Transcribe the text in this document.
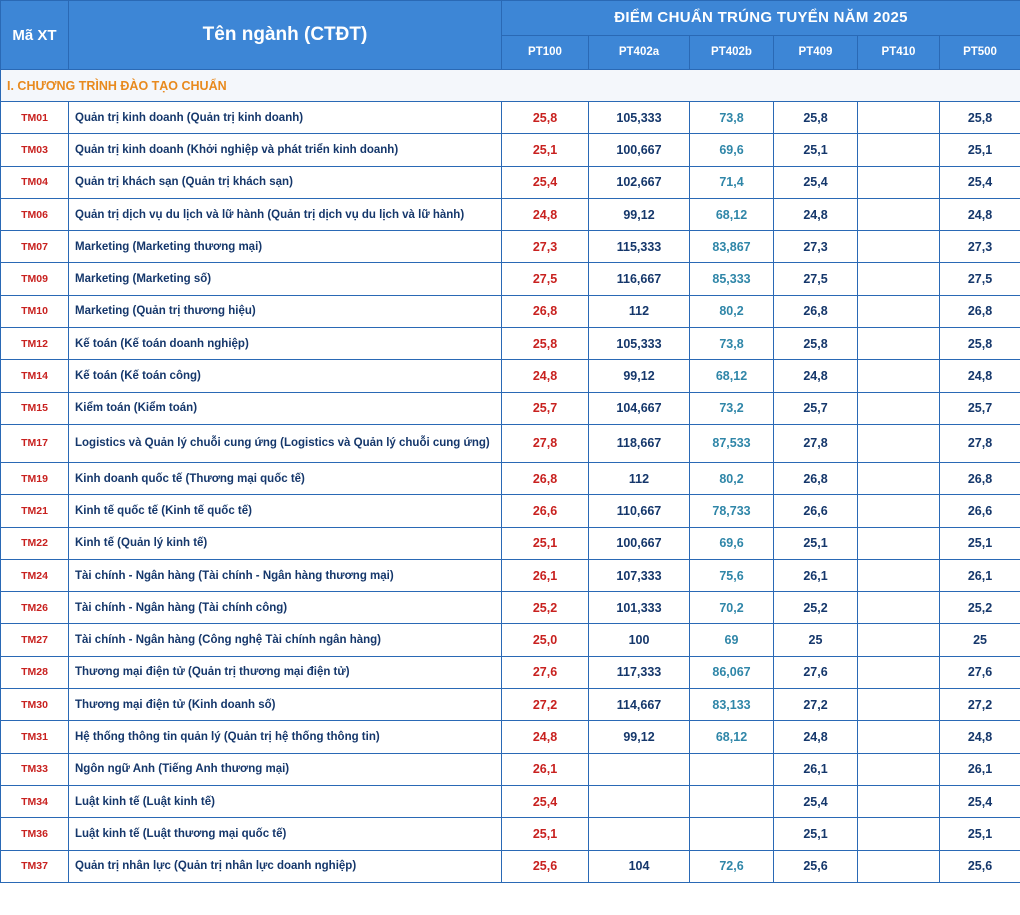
Mã XT	Tên ngành (CTĐT)	ĐIỂM CHUẨN TRÚNG TUYỂN NĂM 2025					
		PT100	PT402a	PT402b	PT409	PT410	PT500
I. CHƯƠNG TRÌNH ĐÀO TẠO CHUẨN							
TM01	Quản trị kinh doanh (Quản trị kinh doanh)	25,8	105,333	73,8	25,8		25,8
TM03	Quản trị kinh doanh (Khởi nghiệp và phát triển kinh doanh)	25,1	100,667	69,6	25,1		25,1
TM04	Quản trị khách sạn (Quản trị khách sạn)	25,4	102,667	71,4	25,4		25,4
TM06	Quản trị dịch vụ du lịch và lữ hành (Quản trị dịch vụ du lịch và lữ hành)	24,8	99,12	68,12	24,8		24,8
TM07	Marketing (Marketing thương mại)	27,3	115,333	83,867	27,3		27,3
TM09	Marketing (Marketing số)	27,5	116,667	85,333	27,5		27,5
TM10	Marketing (Quản trị thương hiệu)	26,8	112	80,2	26,8		26,8
TM12	Kế toán (Kế toán doanh nghiệp)	25,8	105,333	73,8	25,8		25,8
TM14	Kế toán (Kế toán công)	24,8	99,12	68,12	24,8		24,8
TM15	Kiểm toán (Kiểm toán)	25,7	104,667	73,2	25,7		25,7
TM17	Logistics và Quản lý chuỗi cung ứng (Logistics và Quản lý chuỗi cung ứng)	27,8	118,667	87,533	27,8		27,8
TM19	Kinh doanh quốc tế (Thương mại quốc tế)	26,8	112	80,2	26,8		26,8
TM21	Kinh tế quốc tế (Kinh tế quốc tế)	26,6	110,667	78,733	26,6		26,6
TM22	Kinh tế (Quản lý kinh tế)	25,1	100,667	69,6	25,1		25,1
TM24	Tài chính - Ngân hàng (Tài chính - Ngân hàng thương mại)	26,1	107,333	75,6	26,1		26,1
TM26	Tài chính - Ngân hàng (Tài chính công)	25,2	101,333	70,2	25,2		25,2
TM27	Tài chính - Ngân hàng (Công nghệ Tài chính ngân hàng)	25,0	100	69	25		25
TM28	Thương mại điện tử (Quản trị thương mại điện tử)	27,6	117,333	86,067	27,6		27,6
TM30	Thương mại điện tử (Kinh doanh số)	27,2	114,667	83,133	27,2		27,2
TM31	Hệ thống thông tin quản lý (Quản trị hệ thống thông tin)	24,8	99,12	68,12	24,8		24,8
TM33	Ngôn ngữ Anh (Tiếng Anh thương mại)	26,1			26,1		26,1
TM34	Luật kinh tế (Luật kinh tế)	25,4			25,4		25,4
TM36	Luật kinh tế (Luật thương mại quốc tế)	25,1			25,1		25,1
TM37	Quản trị nhân lực (Quản trị nhân lực doanh nghiệp)	25,6	104	72,6	25,6		25,6
